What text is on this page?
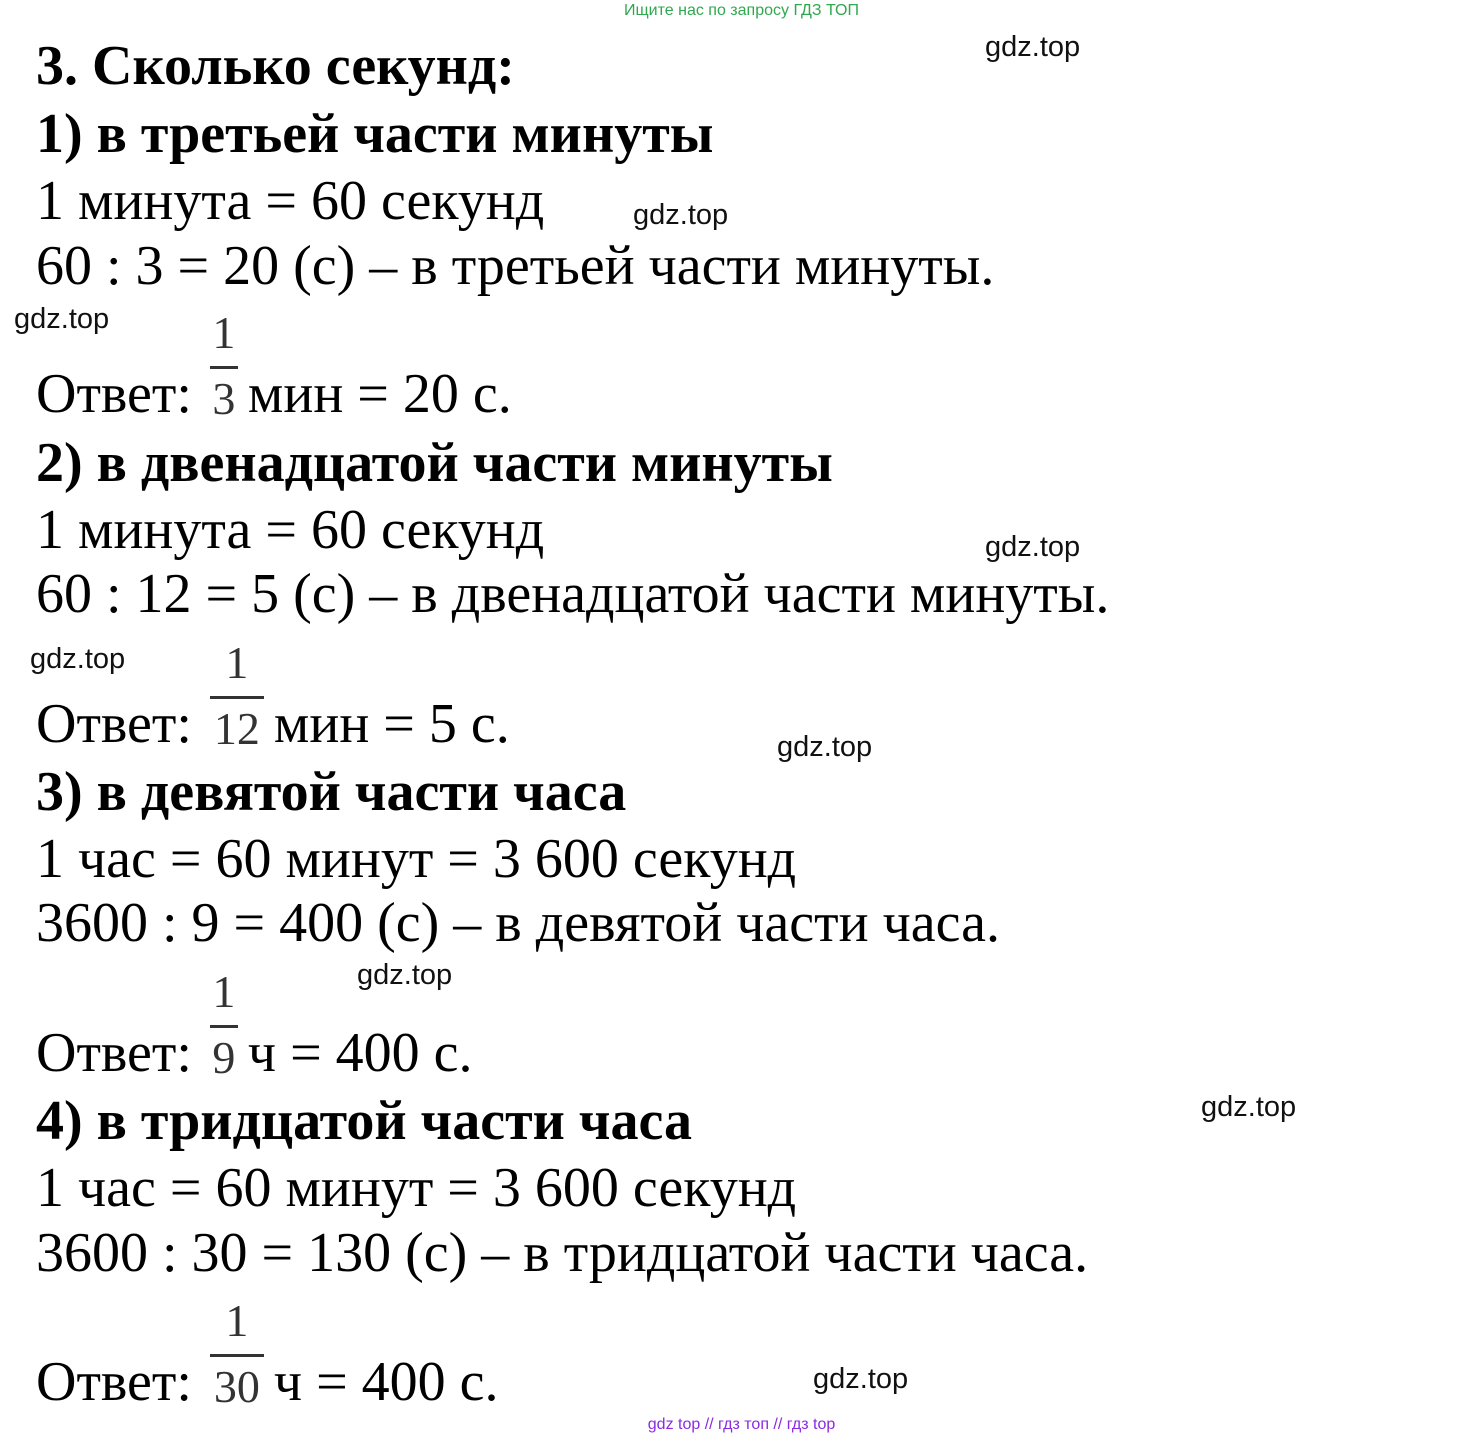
Ищите нас по запросу ГДЗ ТОП
3. Сколько секунд:
1) в третьей части минуты
1 минута = 60 секунд
60 : 3 = 20 (с) – в третьей части минуты.
Ответ: $\frac{1}{3}$ мин = 20 с.
2) в двенадцатой части минуты
1 минута = 60 секунд
60 : 12 = 5 (с) – в двенадцатой части минуты.
Ответ: $\frac{1}{12}$ мин = 5 с.
3) в девятой части часа
1 час = 60 минут = 3 600 секунд
3600 : 9 = 400 (с) – в девятой части часа.
Ответ: $\frac{1}{9}$ ч = 400 с.
4) в тридцатой части часа
1 час = 60 минут = 3 600 секунд
3600 : 30 = 130 (с) – в тридцатой части часа.
Ответ: $\frac{1}{30}$ ч = 400 с.
gdz.top
gdz.top
gdz.top
gdz.top
gdz.top
gdz.top
gdz.top
gdz.top
gdz.top
gdz top // гдз топ // гдз top
